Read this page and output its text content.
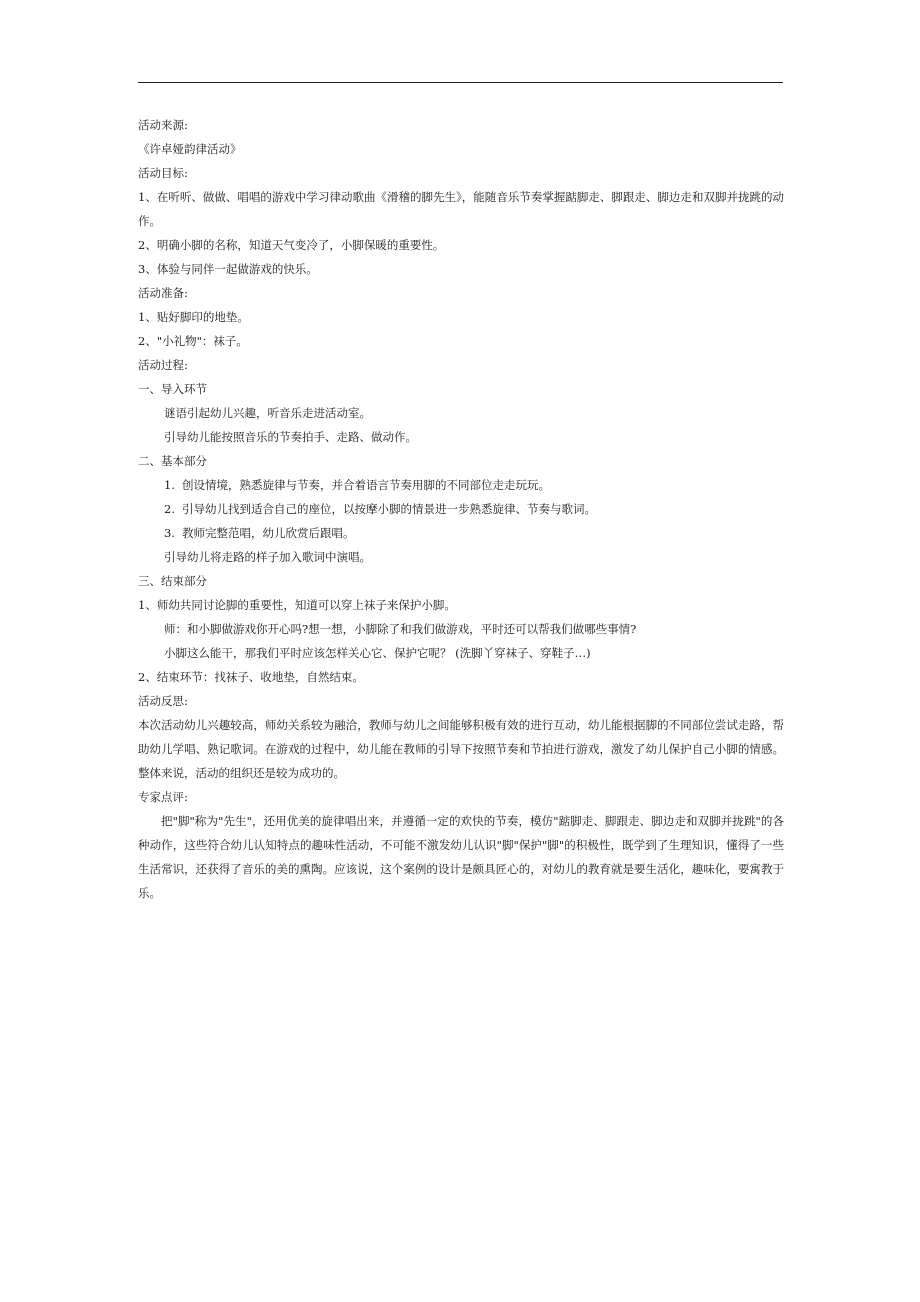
活动来源:
《许卓娅韵律活动》
活动目标:
1、在听听、做做、唱唱的游戏中学习律动歌曲《滑稽的脚先生》，能随音乐节奏掌握踮脚走、脚跟走、脚边走和双脚并拢跳的动作。
2、明确小脚的名称，知道天气变冷了，小脚保暖的重要性。
3、体验与同伴一起做游戏的快乐。
活动准备:
1、贴好脚印的地垫。
2、"小礼物"：袜子。
活动过程:
一、导入环节
谜语引起幼儿兴趣，听音乐走进活动室。
引导幼儿能按照音乐的节奏拍手、走路、做动作。
二、基本部分
1. 创设情境，熟悉旋律与节奏，并合着语言节奏用脚的不同部位走走玩玩。
2. 引导幼儿找到适合自己的座位，以按摩小脚的情景进一步熟悉旋律、节奏与歌词。
3. 教师完整范唱，幼儿欣赏后跟唱。
引导幼儿将走路的样子加入歌词中演唱。
三、结束部分
1、师幼共同讨论脚的重要性，知道可以穿上袜子来保护小脚。
师：和小脚做游戏你开心吗?想一想，小脚除了和我们做游戏，平时还可以帮我们做哪些事情?
小脚这么能干，那我们平时应该怎样关心它、保护它呢？ (洗脚丫穿袜子、穿鞋子…)
2、结束环节：找袜子、收地垫，自然结束。
活动反思:
本次活动幼儿兴趣较高，师幼关系较为融洽，教师与幼儿之间能够积极有效的进行互动，幼儿能根据脚的不同部位尝试走路，帮助幼儿学唱、熟记歌词。在游戏的过程中，幼儿能在教师的引导下按照节奏和节拍进行游戏，激发了幼儿保护自己小脚的情感。整体来说，活动的组织还是较为成功的。
专家点评:
把"脚"称为"先生"，还用优美的旋律唱出来，并遵循一定的欢快的节奏，模仿"踮脚走、脚跟走、脚边走和双脚并拢跳"的各种动作，这些符合幼儿认知特点的趣味性活动，不可能不激发幼儿认识"脚"保护"脚"的积极性，既学到了生理知识，懂得了一些生活常识，还获得了音乐的美的熏陶。应该说，这个案例的设计是颇具匠心的，对幼儿的教育就是要生活化，趣味化，要寓教于乐。
